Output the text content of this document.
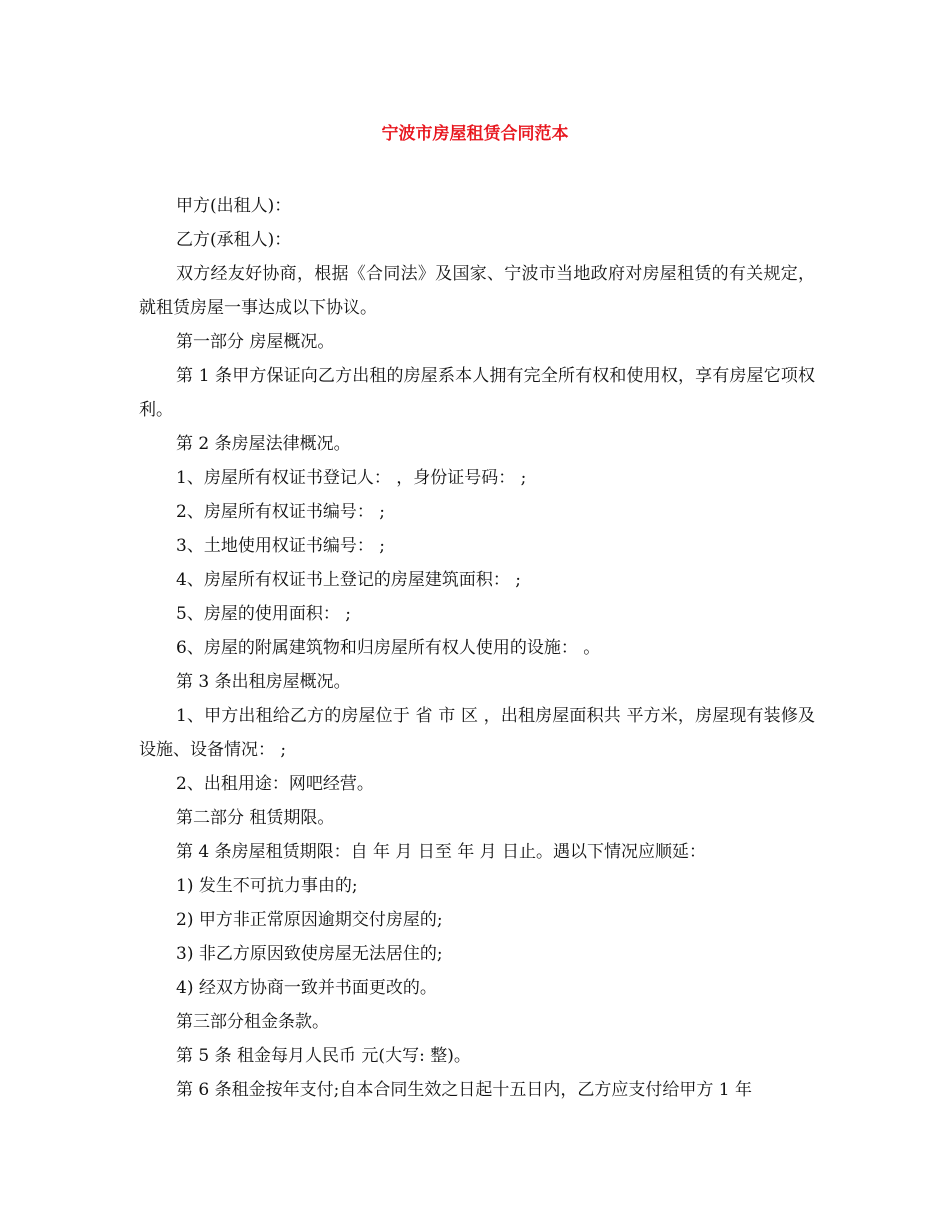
宁波市房屋租赁合同范本

甲方(出租人)：

乙方(承租人)：

双方经友好协商，根据《合同法》及国家、宁波市当地政府对房屋租赁的有关规定，就租赁房屋一事达成以下协议。

第一部分 房屋概况。

第 1 条甲方保证向乙方出租的房屋系本人拥有完全所有权和使用权，享有房屋它项权利。

第 2 条房屋法律概况。

1、房屋所有权证书登记人： ，身份证号码： ;

2、房屋所有权证书编号： ;

3、土地使用权证书编号： ;

4、房屋所有权证书上登记的房屋建筑面积： ;

5、房屋的使用面积： ;

6、房屋的附属建筑物和归房屋所有权人使用的设施： 。

第 3 条出租房屋概况。

1、甲方出租给乙方的房屋位于 省 市 区 ，出租房屋面积共 平方米，房屋现有装修及设施、设备情况： ;

2、出租用途：网吧经营。

第二部分 租赁期限。

第 4 条房屋租赁期限：自 年 月 日至 年 月 日止。遇以下情况应顺延：

1) 发生不可抗力事由的;

2) 甲方非正常原因逾期交付房屋的;

3) 非乙方原因致使房屋无法居住的;

4) 经双方协商一致并书面更改的。

第三部分租金条款。

第 5 条 租金每月人民币 元(大写: 整)。

第 6 条租金按年支付;自本合同生效之日起十五日内，乙方应支付给甲方 1 年
